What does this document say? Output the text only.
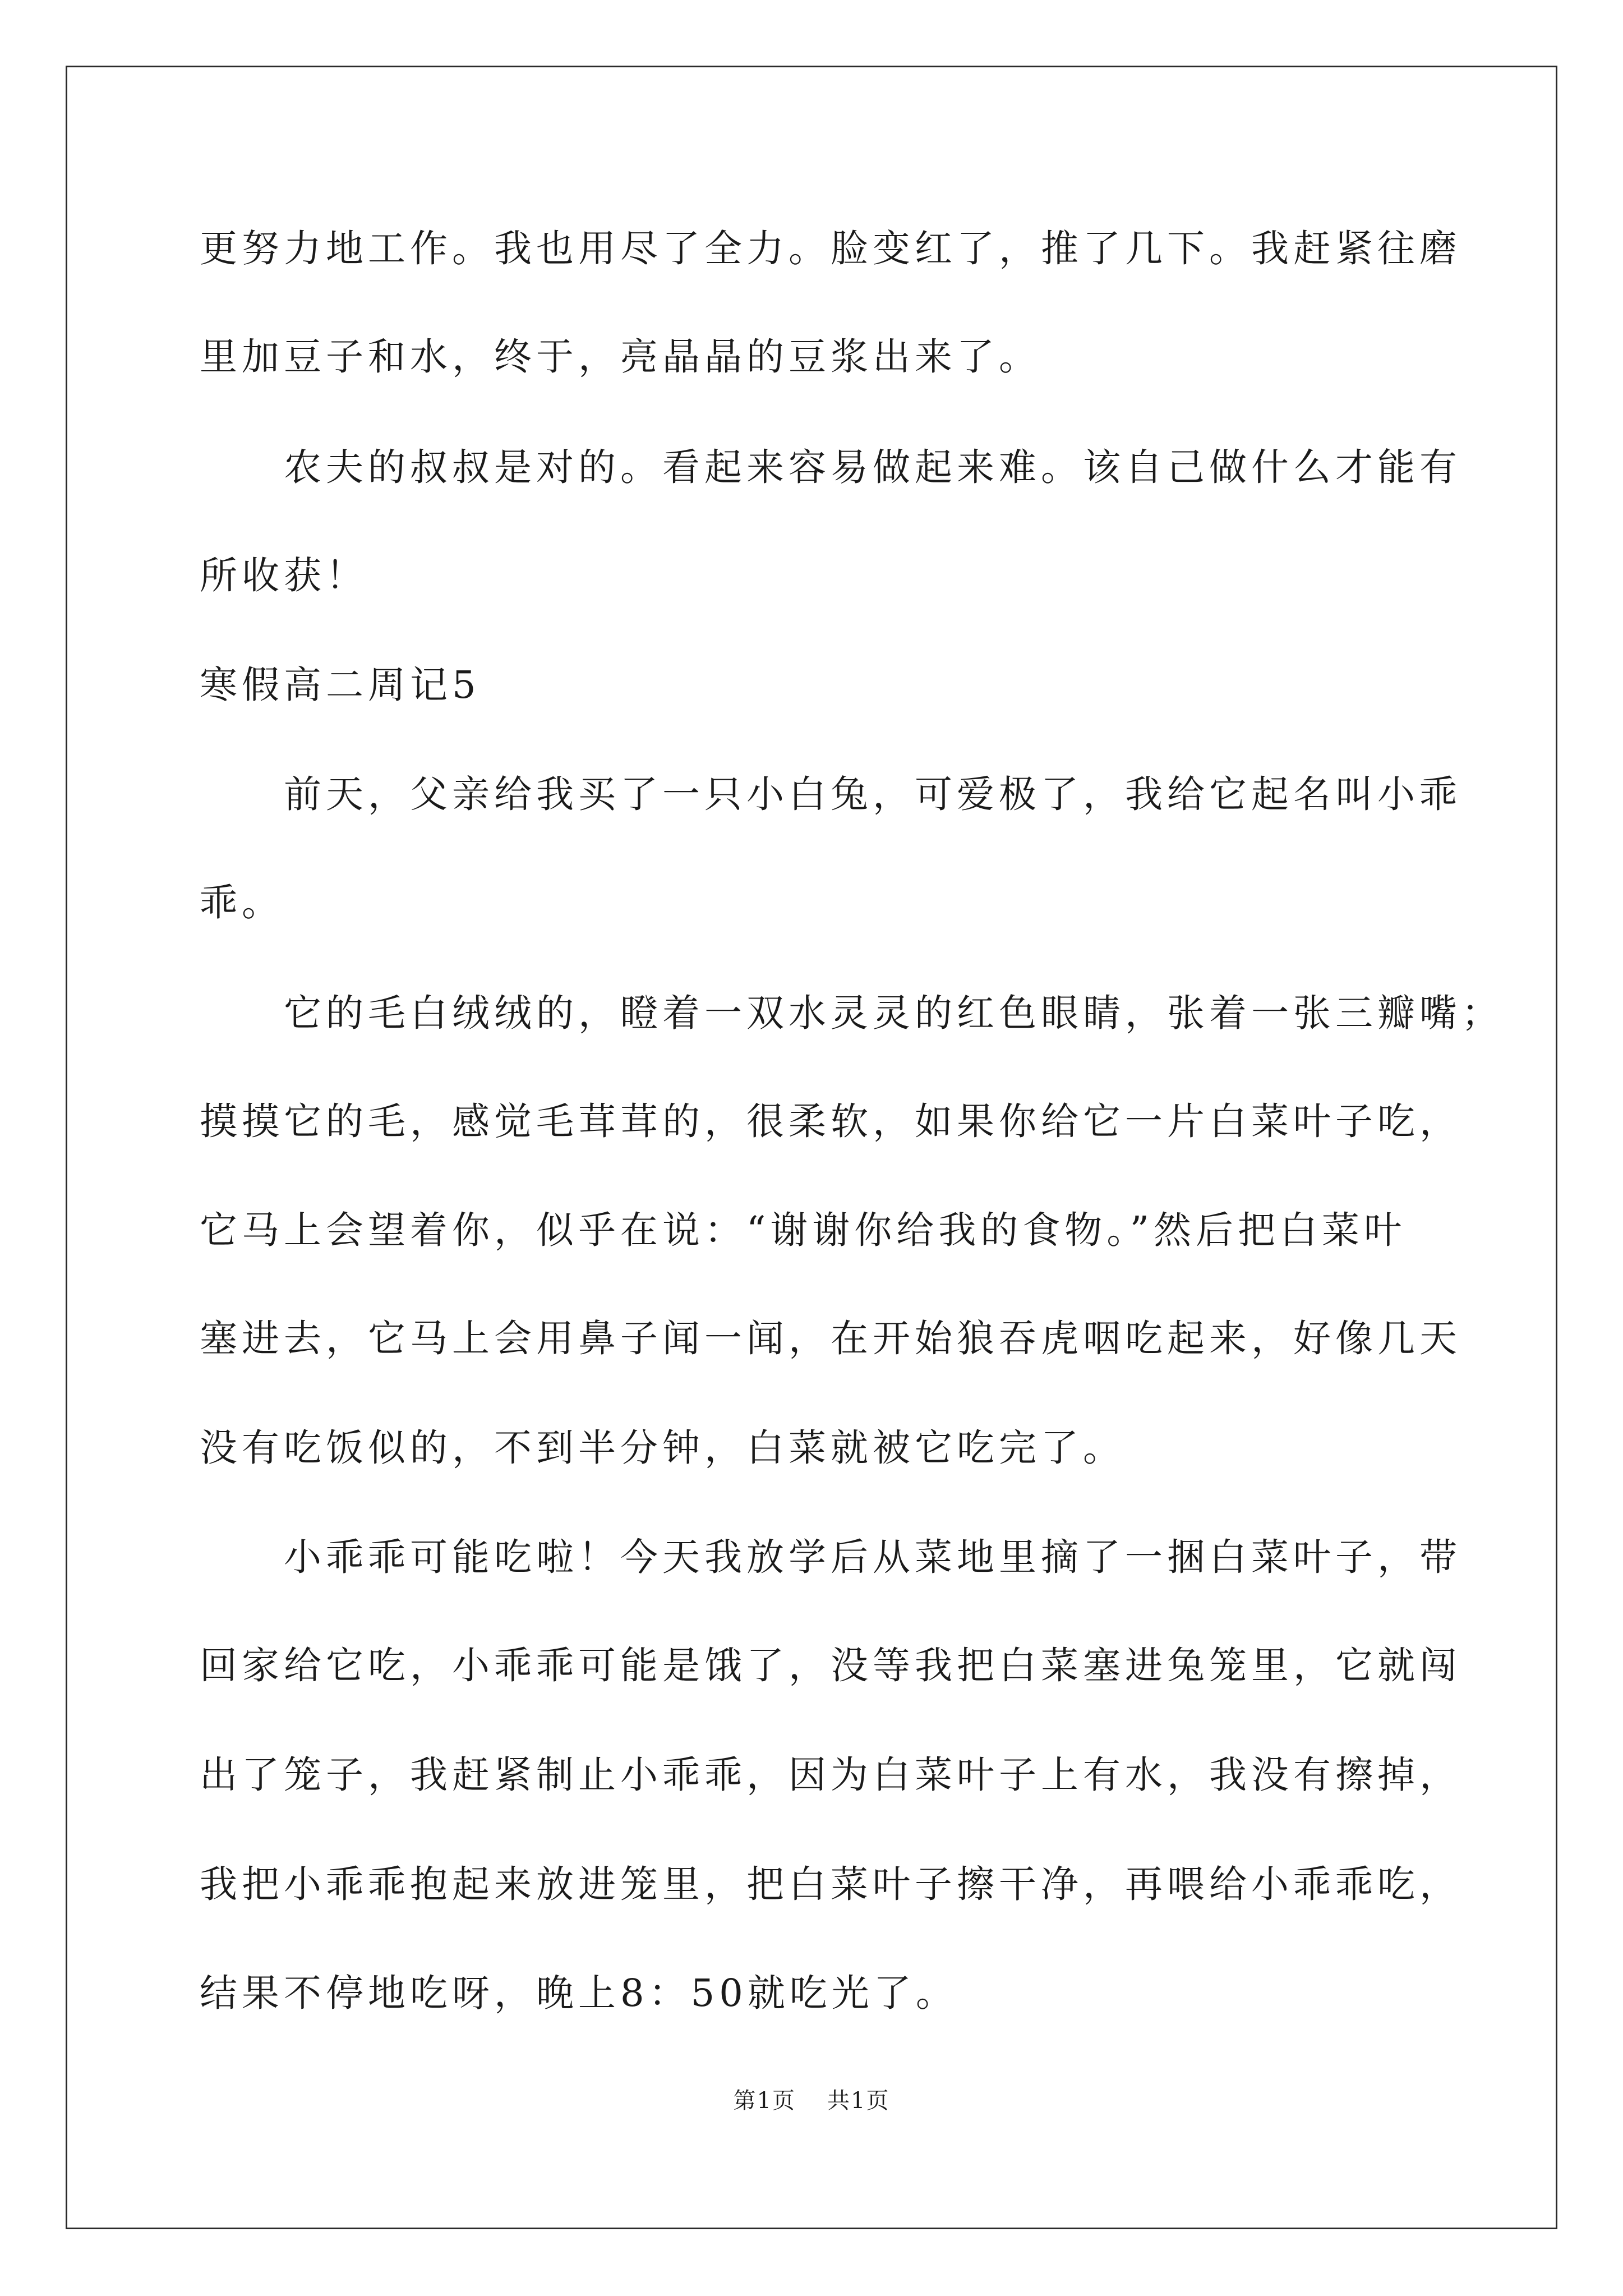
更努力地工作。我也用尽了全力。脸变红了，推了几下。我赶紧往磨
里加豆子和水，终于，亮晶晶的豆浆出来了。
农夫的叔叔是对的。看起来容易做起来难。该自己做什么才能有
所收获！
寒假高二周记5
前天，父亲给我买了一只小白兔，可爱极了，我给它起名叫小乖
乖。
它的毛白绒绒的，瞪着一双水灵灵的红色眼睛，张着一张三瓣嘴；
摸摸它的毛，感觉毛茸茸的，很柔软，如果你给它一片白菜叶子吃，
它马上会望着你，似乎在说：“谢谢你给我的食物。”然后把白菜叶
塞进去，它马上会用鼻子闻一闻，在开始狼吞虎咽吃起来，好像几天
没有吃饭似的，不到半分钟，白菜就被它吃完了。
小乖乖可能吃啦！今天我放学后从菜地里摘了一捆白菜叶子，带
回家给它吃，小乖乖可能是饿了，没等我把白菜塞进兔笼里，它就闯
出了笼子，我赶紧制止小乖乖，因为白菜叶子上有水，我没有擦掉，
我把小乖乖抱起来放进笼里，把白菜叶子擦干净，再喂给小乖乖吃，
结果不停地吃呀，晚上8：50就吃光了。
第1页 共1页
